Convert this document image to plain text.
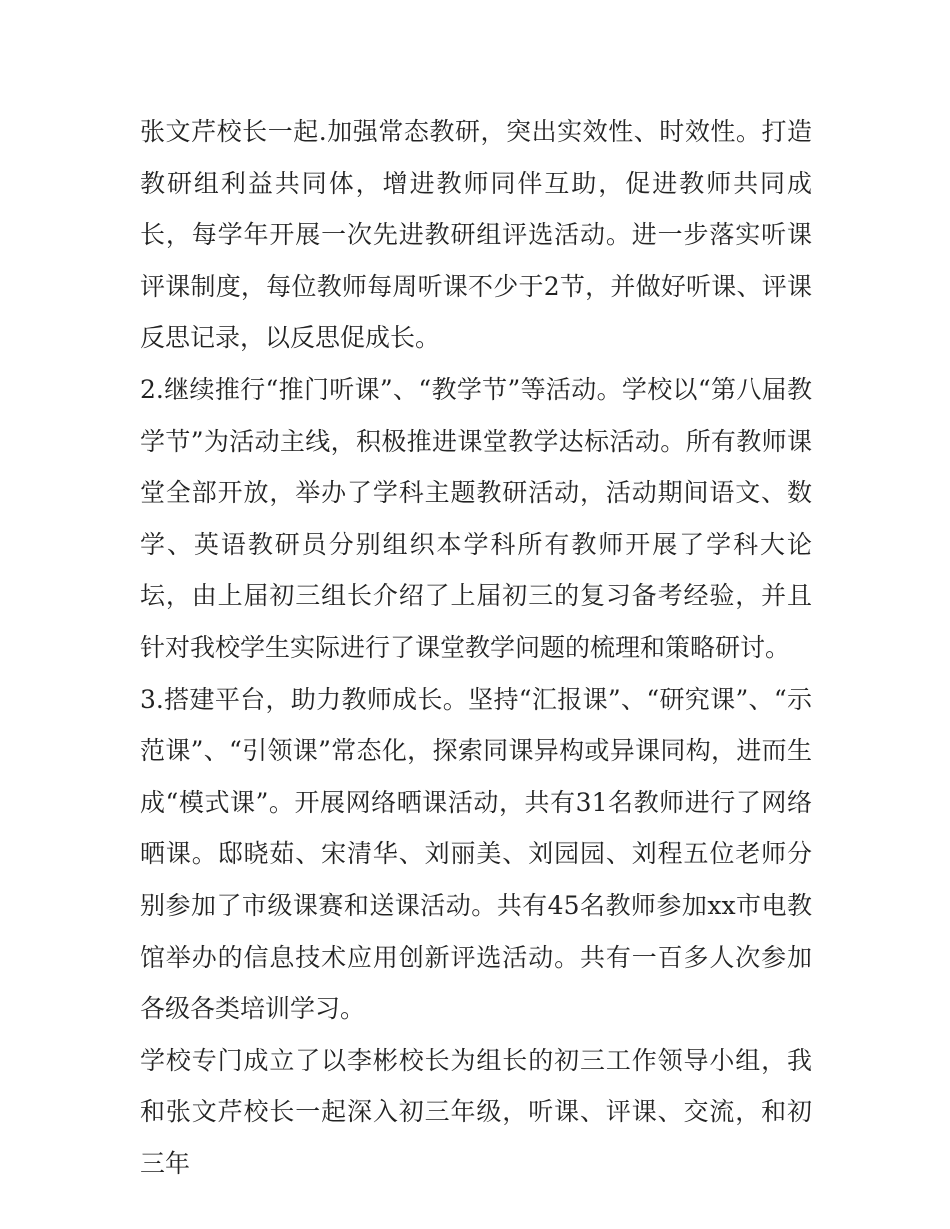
张文芹校长一起.加强常态教研，突出实效性、时效性。打造教研组利益共同体，增进教师同伴互助，促进教师共同成长，每学年开展一次先进教研组评选活动。进一步落实听课评课制度，每位教师每周听课不少于2节，并做好听课、评课反思记录，以反思促成长。

2.继续推行“推门听课”、“教学节”等活动。学校以“第八届教学节”为活动主线，积极推进课堂教学达标活动。所有教师课堂全部开放，举办了学科主题教研活动，活动期间语文、数学、英语教研员分别组织本学科所有教师开展了学科大论坛，由上届初三组长介绍了上届初三的复习备考经验，并且针对我校学生实际进行了课堂教学问题的梳理和策略研讨。

3.搭建平台，助力教师成长。坚持“汇报课”、“研究课”、“示范课”、“引领课”常态化，探索同课异构或异课同构，进而生成“模式课”。开展网络晒课活动，共有31名教师进行了网络晒课。邸晓茹、宋清华、刘丽美、刘园园、刘程五位老师分别参加了市级课赛和送课活动。共有45名教师参加xx市电教馆举办的信息技术应用创新评选活动。共有一百多人次参加各级各类培训学习。

学校专门成立了以李彬校长为组长的初三工作领导小组，我和张文芹校长一起深入初三年级，听课、评课、交流，和初三年
